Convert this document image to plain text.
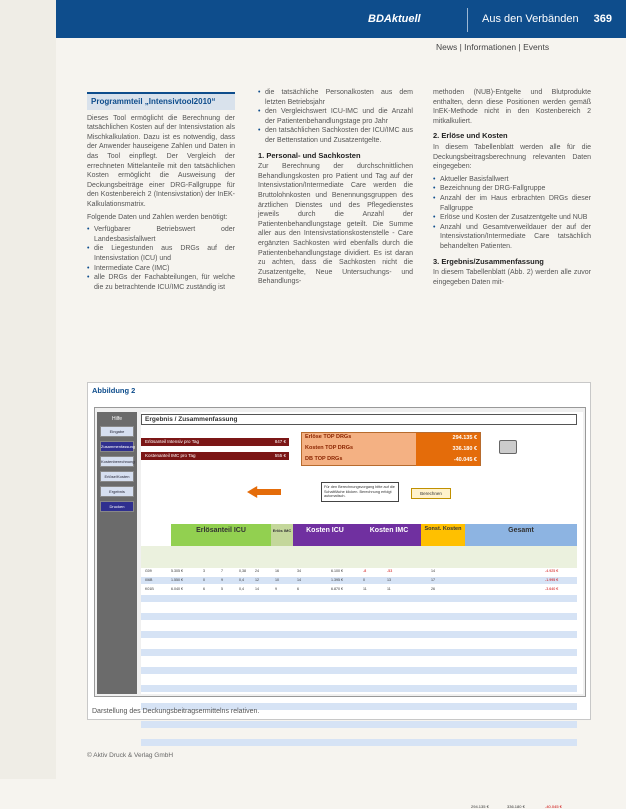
BDAktuell	Aus den Verbänden 369
News | Informationen | Events
Programmteil „Intensivtool2010“

Dieses Tool ermöglicht die Berechnung der tatsächlichen Kosten auf der Intensivstation als Mischkalkulation. Dazu ist es notwendig, dass der Anwender hauseigene Zahlen und Daten in das Tool einpflegt. Der Vergleich der errechneten Mittelanteile mit den tatsächlichen Kosten ermöglicht die Ausweisung der Deckungsbeiträge einer DRG-Fallgruppe für den Kostenbereich 2 (Intensivstation) der InEK-Kalkulationsmatrix.

Folgende Daten und Zahlen werden benötigt:

• Verfügbarer Betriebswert oder Landesbasisfallwert
• die Liegestunden aus DRGs auf der Intensivstation (ICU) und
• Intermediate Care (IMC)
• alle DRGs der Fachabteilungen, für welche die zu betrachtende ICU/IMC zuständig ist
• die tatsächliche Personalkosten aus dem letzten Betriebsjahr
• den Vergleichswert ICU-IMC und die Anzahl der Patientenbehandlungstage pro Jahr
• den tatsächlichen Sachkosten der ICU/IMC aus der Bettenstation und Zusatzentgelte.
1. Personal- und Sachkosten

Zur Berechnung der durchschnittlichen Behandlungskosten pro Patient und Tag auf der Intensivstation/Intermediate Care werden die Bruttolohnkosten und Benennungsgruppen des ärztlichen Dienstes und des Pflegedienstes jeweils durch die Anzahl der Patientenbehandlungstage geteilt. Die Summe aller aus den Intensivstationskostenstelle - Care ergänzten Sachkosten wird ebenfalls durch die Patientenbehandlungstage dividiert. Es ist daran zu achten, dass die Sachkosten nicht die Zusatzentgelte, Neue Untersuchungs- und Behandlungs-

methoden (NUB)-Entgelte und Blutprodukte enthalten, denn diese Positionen werden gemäß InEK-Methode nicht in den Kostenbereich 2 mitkalkuliert.

2. Erlöse und Kosten

In diesem Tabellenblatt werden alle für die Deckungsbeitragsberechnung relevanten Daten eingegeben:

• Aktueller Basisfallwert
• Bezeichnung der DRG-Fallgruppe
• Anzahl der im Haus erbrachten DRGs dieser Fallgruppe
• Erlöse und Kosten der Zusatzentgelte und NUB
• Anzahl und Gesamtverweildauer der auf der Intensivstation/Intermediate Care tatsächlich behandelten Patienten.
3. Ergebnis/Zusammenfassung

In diesem Tabellenblatt (Abb. 2) werden alle zuvor eingegeben Daten mit-

Abbildung 2
Hilfe
Eingabe
Zusammenfassung
Kostenberechnung
Erlöse/Kosten
Ergebnis
Drucken
Ergebnis / Zusammenfassung
Erlösanteil Intensiv pro Tag	847 €
Kostenanteil IMC pro Tag	555 €
Erlöse TOP DRGs	294.135 €
Kosten TOP DRGs	336.180 €
DB TOP DRGs	-40.045 €
Für den Berechnungsvorgang bitte auf die Schaltfläche klicken. Berechnung erfolgt automatisch.	Berechnen
Erlösanteil ICU	Erlös IMC	Kosten ICU	Kosten IMC	Sonst. Kosten	Gesamt
G09	5.305 €	3	7	0,38	24	16	34	6.100 €	-8	-53	14	-4.925 €
I06B	1.550 €	0	9	0,4	12	10	14	1.395 €	0	13	17	-1.995 €
K01B	6.040 €	6	5	0,4	14	9	6	6.870 €	11	11	26	-3.640 €
294.135 €	336.180 €	-40.045 €
Darstellung des Deckungsbeitragsermittelns relativen.
© Aktiv Druck & Verlag GmbH
